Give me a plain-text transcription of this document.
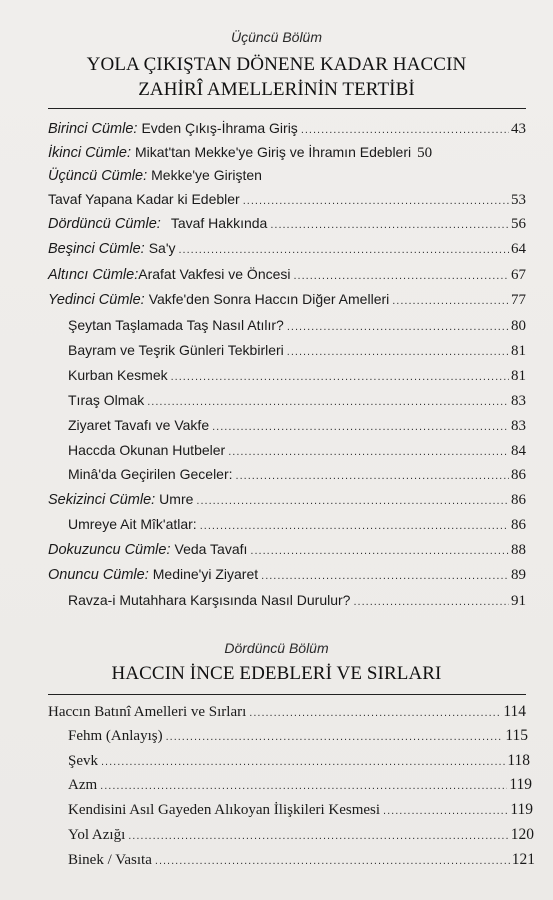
Üçüncü Bölüm
YOLA ÇIKIŞTAN DÖNENE KADAR HACCIN
ZAHİRÎ AMELLERİNİN TERTİBİ
Birinci Cümle: Evden Çıkış-İhrama Giriş .....	43
İkinci Cümle: Mikat'tan Mekke'ye Giriş ve İhramın Edebleri 50
Üçüncü Cümle: Mekke'ye Girişten
Tavaf Yapana Kadar ki Edebler .....	53
Dördüncü Cümle: Tavaf Hakkında .....	56
Beşinci Cümle: Sa'y .....	64
Altıncı Cümle: Arafat Vakfesi ve Öncesi .....	67
Yedinci Cümle: Vakfe'den Sonra Haccın Diğer Amelleri .....	77
Şeytan Taşlamada Taş Nasıl Atılır? .....	80
Bayram ve Teşrik Günleri Tekbirleri .....	81
Kurban Kesmek .....	81
Tıraş Olmak .....	83
Ziyaret Tavafı ve Vakfe .....	83
Haccda Okunan Hutbeler .....	84
Minâ'da Geçirilen Geceler: .....	86
Sekizinci Cümle: Umre .....	86
Umreye Ait Mîk'atlar: .....	86
Dokuzuncu Cümle: Veda Tavafı .....	88
Onuncu Cümle: Medine'yi Ziyaret .....	89
Ravza-i Mutahhara Karşısında Nasıl Durulur? .....	91
Dördüncü Bölüm
HACCIN İNCE EDEBLERİ VE SIRLARI
Haccın Batınî Amelleri ve Sırları .....	114
Fehm (Anlayış) .....	115
Şevk .....	118
Azm .....	119
Kendisini Asıl Gayeden Alıkoyan İlişkileri Kesmesi .....	119
Yol Azığı .....	120
Binek / Vasıta .....	121
